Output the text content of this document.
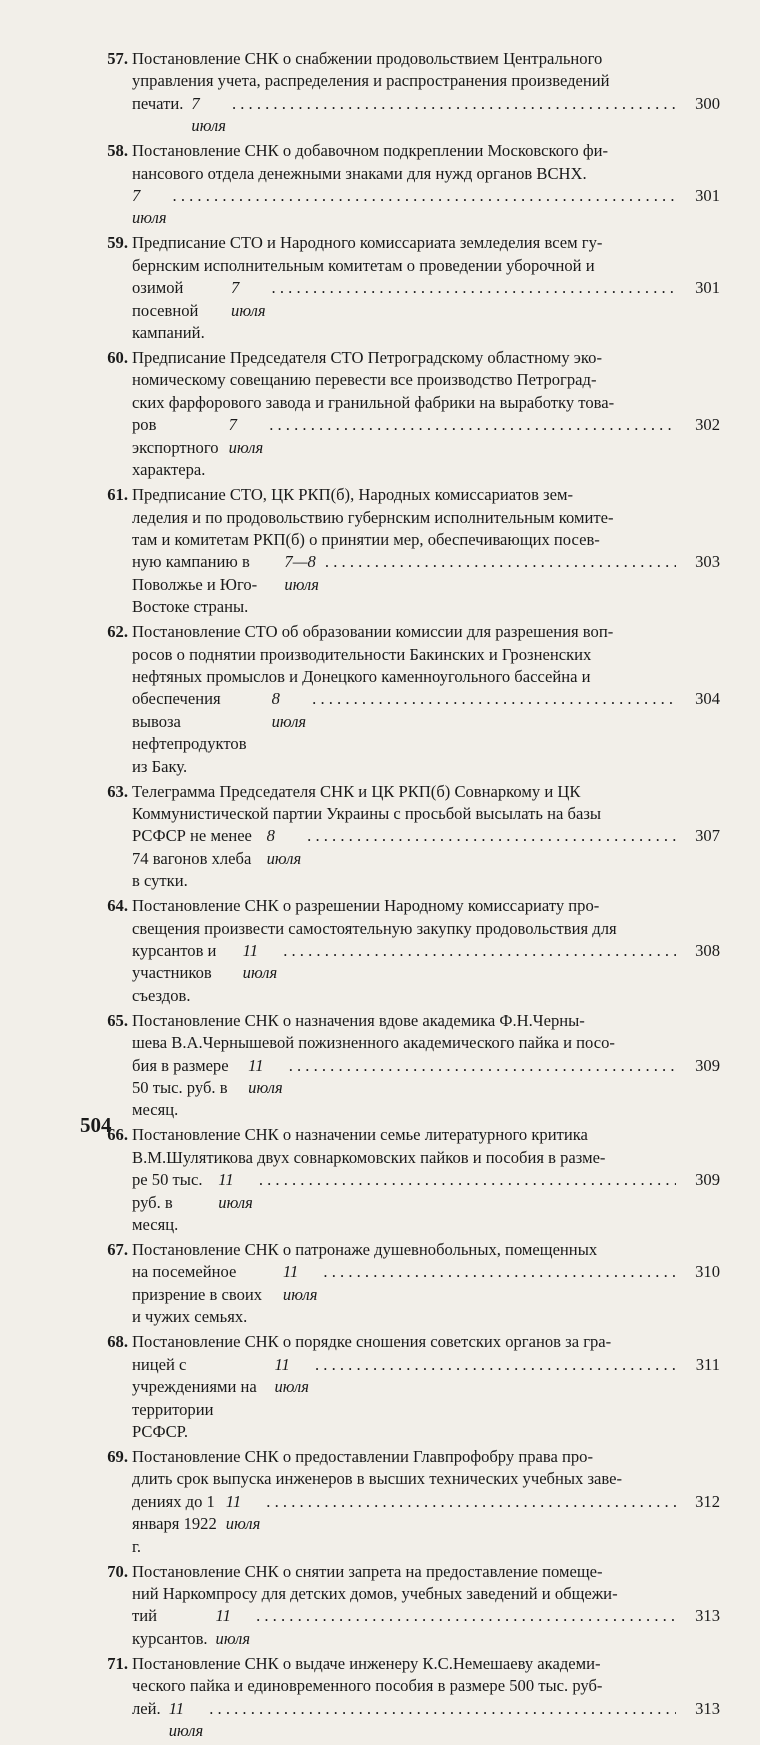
57. Постановление СНК о снабжении продовольствием Центрального
управления учета, распределения и распространения произведений
печати. 7 июля
. . .
300
58. Постановление СНК о добавочном подкреплении Московского фи-
нансового отдела денежными знаками для нужд органов ВСНХ.
7 июля
. . .
301
59. Предписание СТО и Народного комиссариата земледелия всем гу-
бернским исполнительным комитетам о проведении уборочной и
озимой посевной кампаний.
7 июля
. . .
301
60. Предписание Председателя СТО Петроградскому областному эко-
номическому совещанию перевести все производство Петроград-
ских фарфорового завода и гранильной фабрики на выработку това-
ров экспортного характера.
7 июля
. . .
302
61. Предписание СТО, ЦК РКП(б), Народных комиссариатов зем-
леделия и по продовольствию губернским исполнительным комите-
там и комитетам РКП(б) о принятии мер, обеспечивающих посев-
ную кампанию в Поволжье и Юго-Востоке страны.
7—8 июля
. . .
303
62. Постановление СТО об образовании комиссии для разрешения воп-
росов о поднятии производительности Бакинских и Грозненских
нефтяных промыслов и Донецкого каменноугольного бассейна и
обеспечения вывоза нефтепродуктов из Баку.
8 июля
. . .
304
63. Телеграмма Председателя СНК и ЦК РКП(б) Совнаркому и ЦК
Коммунистической партии Украины с просьбой высылать на базы
РСФСР не менее 74 вагонов хлеба в сутки.
8 июля
. . .
307
64. Постановление СНК о разрешении Народному комиссариату про-
свещения произвести самостоятельную закупку продовольствия для
курсантов и участников съездов.
11 июля
. . .
308
65. Постановление СНК о назначения вдове академика Ф.Н.Черны-
шева В.А.Чернышевой пожизненного академического пайка и посо-
бия в размере 50 тыс. руб. в месяц.
11 июля
. . .
309
66. Постановление СНК о назначении семье литературного критика
В.М.Шулятикова двух совнаркомовских пайков и пособия в разме-
ре 50 тыс. руб. в месяц.
11 июля
. . .
309
67. Постановление СНК о патронаже душевнобольных, помещенных
на посемейное призрение в своих и чужих семьях.
11 июля
. . .
310
68. Постановление СНК о порядке сношения советских органов за гра-
ницей с учреждениями на территории РСФСР.
11 июля
. . .
311
69. Постановление СНК о предоставлении Главпрофобру права про-
длить срок выпуска инженеров в высших технических учебных заве-
дениях до 1 января 1922 г.
11 июля
. . .
312
70. Постановление СНК о снятии запрета на предоставление помеще-
ний Наркомпросу для детских домов, учебных заведений и общежи-
тий курсантов.
11 июля
. . .
313
71. Постановление СНК о выдаче инженеру К.С.Немешаеву академи-
ческого пайка и единовременного пособия в размере 500 тыс. руб-
лей. 11 июля
. . .
313
504
